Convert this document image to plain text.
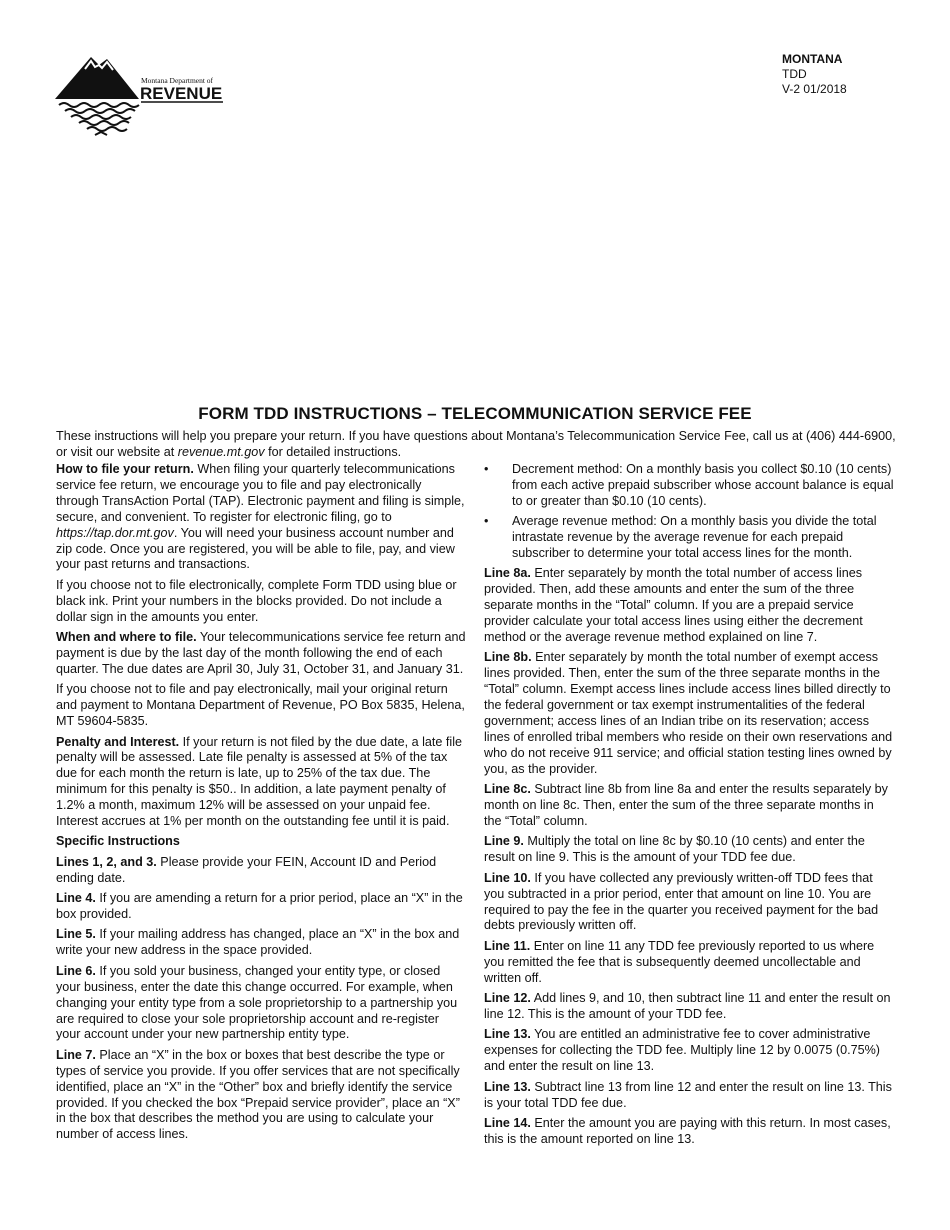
Montana Department of
REVENUE
MONTANA
TDD
V-2 01/2018
FORM TDD INSTRUCTIONS – TELECOMMUNICATION SERVICE FEE
These instructions will help you prepare your return. If you have questions about Montana’s Telecommunication Service Fee, call us at (406) 444-6900, or visit our website at revenue.mt.gov for detailed instructions.

How to file your return. When filing your quarterly telecommunications service fee return, we encourage you to file and pay electronically through TransAction Portal (TAP). Electronic payment and filing is simple, secure, and convenient. To register for electronic filing, go to https://tap.dor.mt.gov. You will need your business account number and zip code. Once you are registered, you will be able to file, pay, and view your past returns and transactions.

If you choose not to file electronically, complete Form TDD using blue or black ink. Print your numbers in the blocks provided. Do not include a dollar sign in the amounts you enter.

When and where to file. Your telecommunications service fee return and payment is due by the last day of the month following the end of each quarter. The due dates are April 30, July 31, October 31, and January 31.

If you choose not to file and pay electronically, mail your original return and payment to Montana Department of Revenue, PO Box 5835, Helena, MT 59604-5835.

Penalty and Interest. If your return is not filed by the due date, a late file penalty will be assessed. Late file penalty is assessed at 5% of the tax due for each month the return is late, up to 25% of the tax due. The minimum for this penalty is $50.. In addition, a late payment penalty of 1.2% a month, maximum 12% will be assessed on your unpaid fee. Interest accrues at 1% per month on the outstanding fee until it is paid.

Specific Instructions

Lines 1, 2, and 3. Please provide your FEIN, Account ID and Period ending date.

Line 4. If you are amending a return for a prior period, place an “X” in the box provided.

Line 5. If your mailing address has changed, place an “X” in the box and write your new address in the space provided.

Line 6. If you sold your business, changed your entity type, or closed your business, enter the date this change occurred. For example, when changing your entity type from a sole proprietorship to a partnership you are required to close your sole proprietorship account and re-register your account under your new partnership entity type.

Line 7. Place an “X” in the box or boxes that best describe the type or types of service you provide. If you offer services that are not specifically identified, place an “X” in the “Other” box and briefly identify the service provided. If you checked the box “Prepaid service provider”, place an “X” in the box that describes the method you are using to calculate your number of access lines.

• Decrement method: On a monthly basis you collect $0.10 (10 cents) from each active prepaid subscriber whose account balance is equal to or greater than $0.10 (10 cents).
• Average revenue method: On a monthly basis you divide the total intrastate revenue by the average revenue for each prepaid subscriber to determine your total access lines for the month.

Line 8a. Enter separately by month the total number of access lines provided. Then, add these amounts and enter the sum of the three separate months in the “Total” column. If you are a prepaid service provider calculate your total access lines using either the decrement method or the average revenue method explained on line 7.

Line 8b. Enter separately by month the total number of exempt access lines provided. Then, enter the sum of the three separate months in the “Total” column. Exempt access lines include access lines billed directly to the federal government or tax exempt instrumentalities of the federal government; access lines of an Indian tribe on its reservation; access lines of enrolled tribal members who reside on their own reservations and who do not receive 911 service; and official station testing lines owned by you, as the provider.

Line 8c. Subtract line 8b from line 8a and enter the results separately by month on line 8c. Then, enter the sum of the three separate months in the “Total” column.

Line 9. Multiply the total on line 8c by $0.10 (10 cents) and enter the result on line 9. This is the amount of your TDD fee due.

Line 10. If you have collected any previously written-off TDD fees that you subtracted in a prior period, enter that amount on line 10. You are required to pay the fee in the quarter you received payment for the bad debts previously written off.

Line 11. Enter on line 11 any TDD fee previously reported to us where you remitted the fee that is subsequently deemed uncollectable and written off.

Line 12. Add lines 9, and 10, then subtract line 11 and enter the result on line 12. This is the amount of your TDD fee.

Line 13. You are entitled an administrative fee to cover administrative expenses for collecting the TDD fee. Multiply line 12 by 0.0075 (0.75%) and enter the result on line 13.

Line 13. Subtract line 13 from line 12 and enter the result on line 13. This is your total TDD fee due.

Line 14. Enter the amount you are paying with this return. In most cases, this is the amount reported on line 13.
